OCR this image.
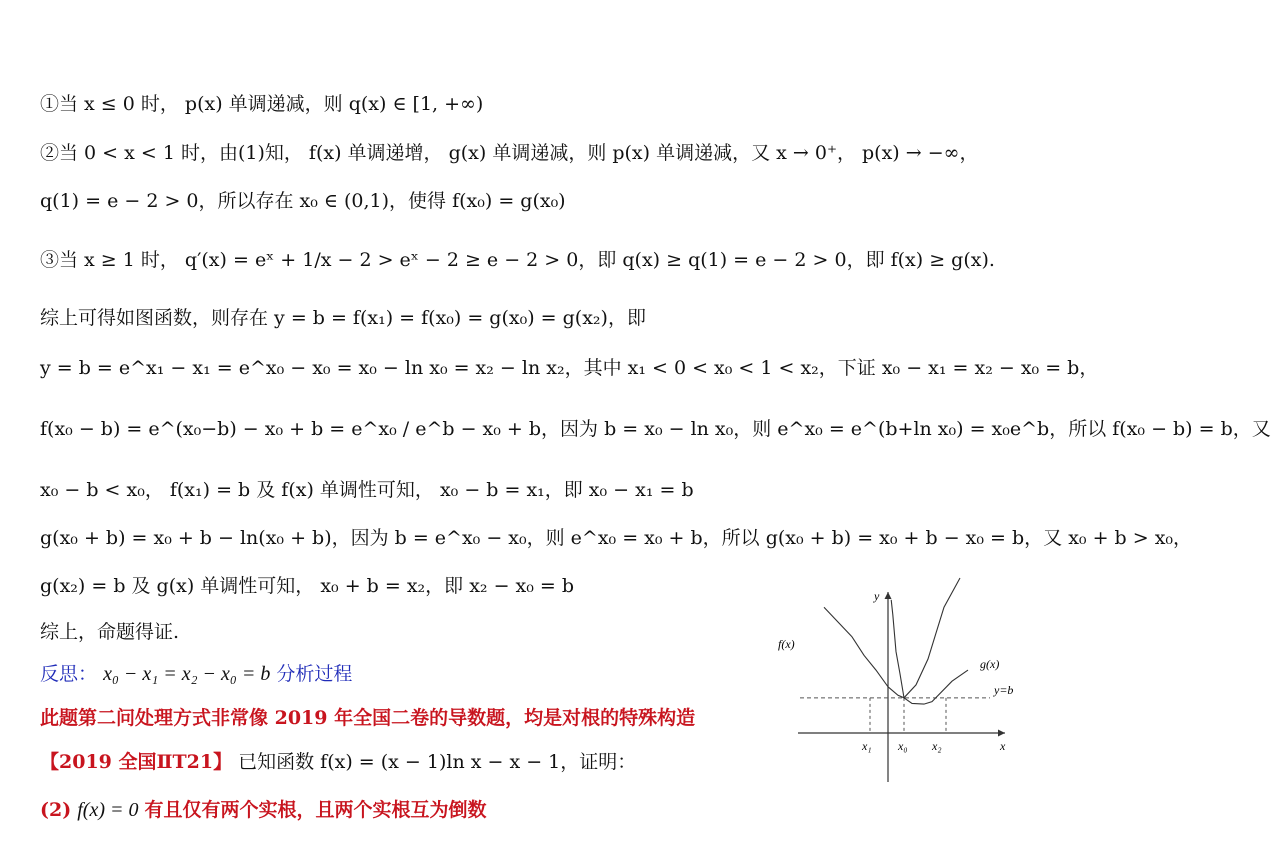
①当 x ≤ 0 时， p(x) 单调递减，则 q(x) ∈ [1, +∞)
②当 0 < x < 1 时，由(1)知， f(x) 单调递增， g(x) 单调递减，则 p(x) 单调递减，又 x → 0⁺， p(x) → −∞，
q(1) = e − 2 > 0，所以存在 x₀ ∈ (0,1)，使得 f(x₀) = g(x₀)
③当 x ≥ 1 时， q′(x) = eˣ + 1/x − 2 > eˣ − 2 ≥ e − 2 > 0，即 q(x) ≥ q(1) = e − 2 > 0，即 f(x) ≥ g(x).
综上可得如图函数，则存在 y = b = f(x₁) = f(x₀) = g(x₀) = g(x₂)，即
y = b = e^x₁ − x₁ = e^x₀ − x₀ = x₀ − ln x₀ = x₂ − ln x₂，其中 x₁ < 0 < x₀ < 1 < x₂，下证 x₀ − x₁ = x₂ − x₀ = b，
f(x₀ − b) = e^(x₀−b) − x₀ + b = e^x₀ / e^b − x₀ + b，因为 b = x₀ − ln x₀，则 e^x₀ = e^(b+ln x₀) = x₀e^b，所以 f(x₀ − b) = b，又
x₀ − b < x₀， f(x₁) = b 及 f(x) 单调性可知， x₀ − b = x₁，即 x₀ − x₁ = b
g(x₀ + b) = x₀ + b − ln(x₀ + b)，因为 b = e^x₀ − x₀，则 e^x₀ = x₀ + b，所以 g(x₀ + b) = x₀ + b − x₀ = b，又 x₀ + b > x₀，
g(x₂) = b 及 g(x) 单调性可知， x₀ + b = x₂，即 x₂ − x₀ = b
综上，命题得证.
反思： x₀ − x₁ = x₂ − x₀ = b 分析过程
此题第二问处理方式非常像 2019 年全国二卷的导数题，均是对根的特殊构造
【2019 全国ⅡT21】 已知函数 f(x) = (x − 1)ln x − x − 1，证明：
(2) f(x) = 0 有且仅有两个实根，且两个实根互为倒数
y
x
f(x)
g(x)
y=b
x₁ x₀ x₂
